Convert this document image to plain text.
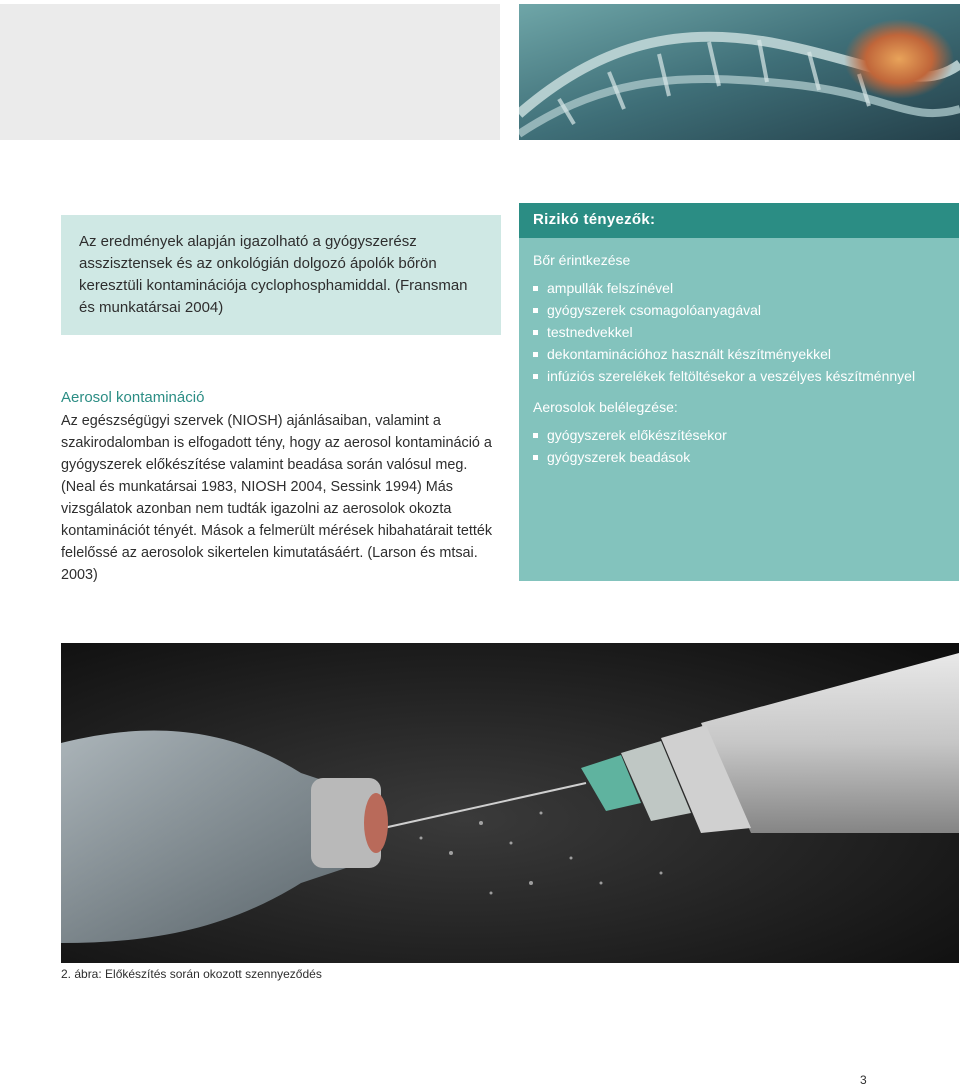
Az eredmények alapján igazolható a gyógyszerész asszisztensek és az onkológián dolgozó ápolók bőrön keresztüli kontaminációja cyclophosphamiddal. (Fransman és munkatársai 2004)

Aerosol kontamináció

Az egészségügyi szervek (NIOSH) ajánlásaiban, valamint a szakirodalomban is elfogadott tény, hogy az aerosol kontamináció a gyógyszerek előkészítése valamint beadása során valósul meg. (Neal és munkatársai 1983, NIOSH 2004, Sessink 1994) Más vizsgálatok azonban nem tudták igazolni az aerosolok okozta kontaminációt tényét. Mások a felmerült mérések hibahatárait tették felelőssé az aerosolok sikertelen kimutatásáért. (Larson és mtsai. 2003)

Rizikó tényezők:

Bőr érintkezése

ampullák felszínével
gyógyszerek csomagolóanyagával
testnedvekkel
dekontaminációhoz használt készítményekkel
infúziós szerelékek feltöltésekor a veszélyes készítménnyel

Aerosolok belélegzése:

gyógyszerek előkészítésekor
gyógyszerek beadások

2. ábra: Előkészítés során okozott szennyeződés

3
